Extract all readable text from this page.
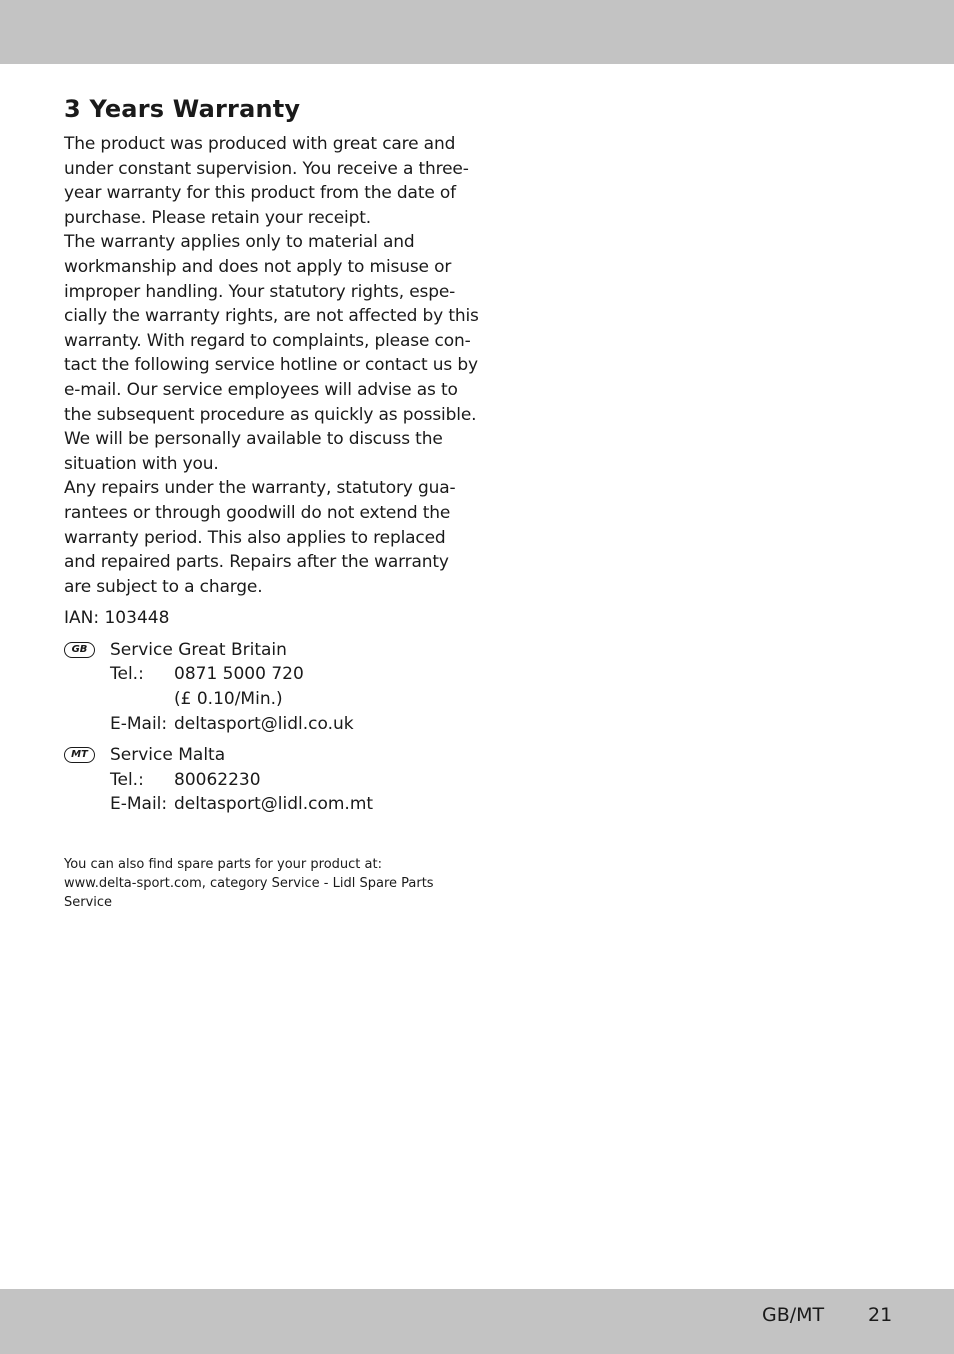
3 Years Warranty

The product was produced with great care and
under constant supervision. You receive a three-
year warranty for this product from the date of
purchase. Please retain your receipt.
The warranty applies only to material and
workmanship and does not apply to misuse or
improper handling. Your statutory rights, espe-
cially the warranty rights, are not affected by this
warranty. With regard to complaints, please con-
tact the following service hotline or contact us by
e-mail. Our service employees will advise as to
the subsequent procedure as quickly as possible.
We will be personally available to discuss the
situation with you.
Any repairs under the warranty, statutory gua-
rantees or through goodwill do not extend the
warranty period. This also applies to replaced
and repaired parts. Repairs after the warranty
are subject to a charge.

IAN: 103448
GB	Service Great Britain
Tel.:	0871 5000 720
(£ 0.10/Min.)
E-Mail: deltasport@lidl.co.uk
MT	Service Malta
Tel.:	80062230
E-Mail: deltasport@lidl.com.mt
You can also find spare parts for your product at:
www.delta-sport.com, category Service - Lidl Spare Parts
Service
GB/MT 21
